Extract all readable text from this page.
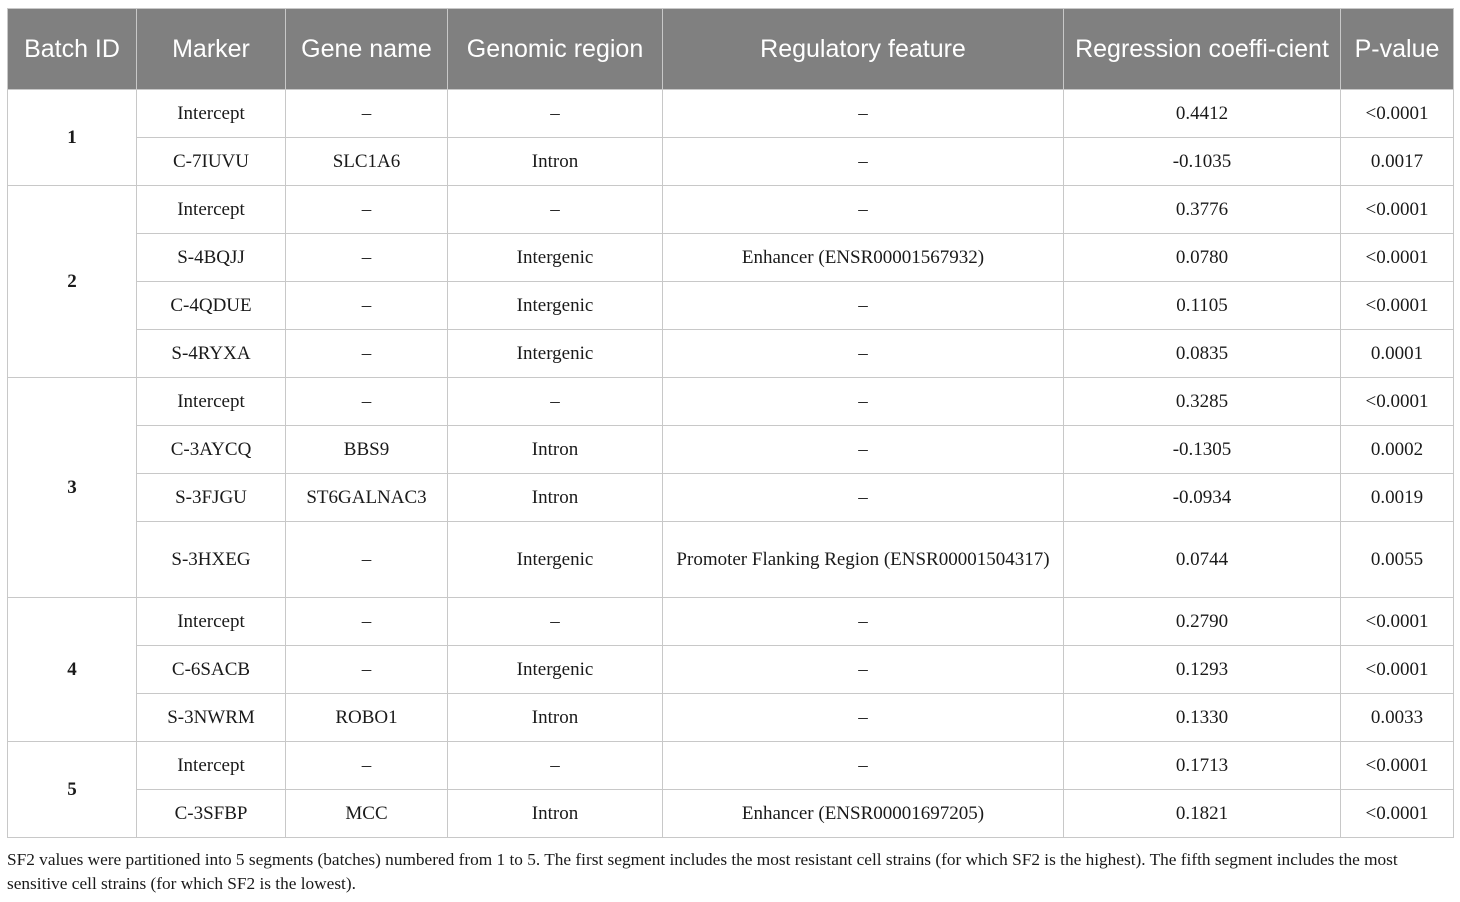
Batch ID	Marker	Gene name	Genomic region	Regulatory feature	Regression coeffi-cient	P-value
1	Intercept	–	–	–	0.4412	<0.0001
	C-7IUVU	SLC1A6	Intron	–	-0.1035	0.0017
2	Intercept	–	–	–	0.3776	<0.0001
	S-4BQJJ	–	Intergenic	Enhancer (ENSR00001567932)	0.0780	<0.0001
	C-4QDUE	–	Intergenic	–	0.1105	<0.0001
	S-4RYXA	–	Intergenic	–	0.0835	0.0001
3	Intercept	–	–	–	0.3285	<0.0001
	C-3AYCQ	BBS9	Intron	–	-0.1305	0.0002
	S-3FJGU	ST6GALNAC3	Intron	–	-0.0934	0.0019
	S-3HXEG	–	Intergenic	Promoter Flanking Region (ENSR00001504317)	0.0744	0.0055
4	Intercept	–	–	–	0.2790	<0.0001
	C-6SACB	–	Intergenic	–	0.1293	<0.0001
	S-3NWRM	ROBO1	Intron	–	0.1330	0.0033
5	Intercept	–	–	–	0.1713	<0.0001
	C-3SFBP	MCC	Intron	Enhancer (ENSR00001697205)	0.1821	<0.0001
SF2 values were partitioned into 5 segments (batches) numbered from 1 to 5. The first segment includes the most resistant cell strains (for which SF2 is the highest). The fifth segment includes the most sensitive cell strains (for which SF2 is the lowest).
